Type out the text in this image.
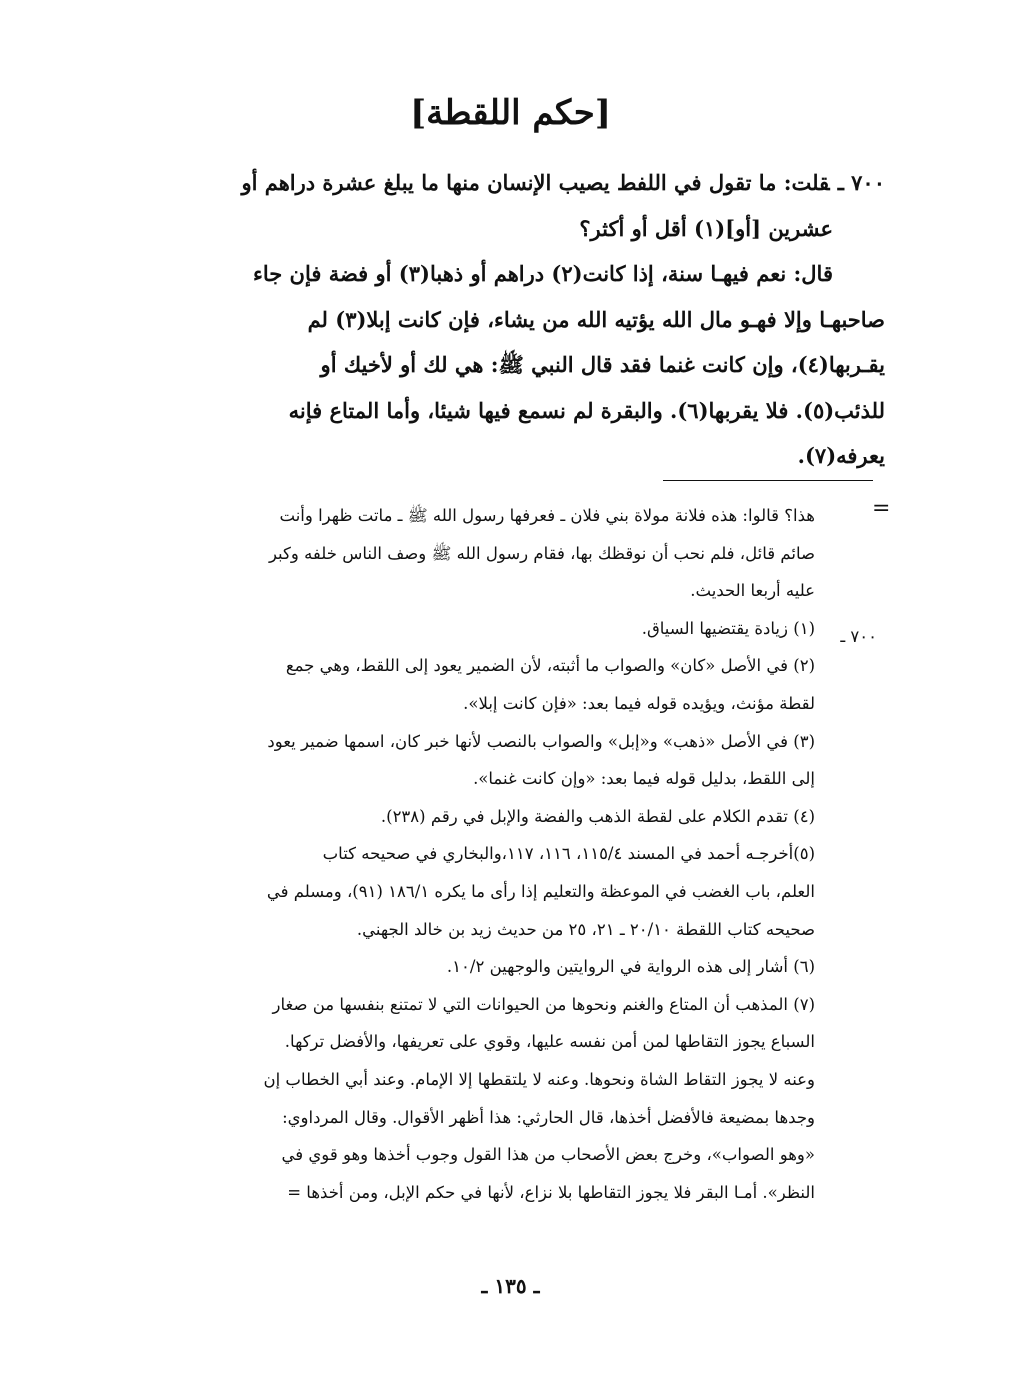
[حكم اللقطة]

٧٠٠ ـقلت: ما تقول في اللفط يصيب الإنسان منها ما يبلغ عشرة دراهم أو

عشرين [أو](١) أقل أو أكثر؟

قال: نعم فيهـا سنة، إذا كانت(٢) دراهم أو ذهبا(٣) أو فضة فإن جاء

صاحبهـا وإلا فهـو مال الله يؤتيه الله من يشاء، فإن كانت إبلا(٣) لم

يقـربها(٤)، وإن كانت غنما فقد قال النبي ﷺ: هي لك أو لأخيك أو

للذئب(٥). فلا يقربها(٦). والبقرة لم نسمع فيها شيئا، وأما المتاع فإنه

يعرفه(٧).

=
٧٠٠ ـ

هذا؟ قالوا: هذه فلانة مولاة بني فلان ـ فعرفها رسول الله ﷺ ـ ماتت ظهرا وأنت

صائم قائل، فلم نحب أن نوقظك بها، فقام رسول الله ﷺ وصف الناس خلفه وكبر

عليه أربعا الحديث.

(١) زيادة يقتضيها السياق.

(٢) في الأصل «كان» والصواب ما أثبته، لأن الضمير يعود إلى اللقط، وهي جمع

لقطة مؤنث، ويؤيده قوله فيما بعد: «فإن كانت إبلا».

(٣) في الأصل «ذهب» و«إبل» والصواب بالنصب لأنها خبر كان، اسمها ضمير يعود

إلى اللقط، بدليل قوله فيما بعد: «وإن كانت غنما».

(٤) تقدم الكلام على لقطة الذهب والفضة والإبل في رقم (٢٣٨).

(٥)أخرجـه أحمد في المسند ١١٥/٤، ١١٦، ١١٧،والبخاري في صحيحه كتاب

العلم، باب الغضب في الموعظة والتعليم إذا رأى ما يكره ١٨٦/١ (٩١)، ومسلم في

صحيحه كتاب اللقطة ٢٠/١٠ ـ ٢١، ٢٥ من حديث زيد بن خالد الجهني.

(٦) أشار إلى هذه الرواية في الروايتين والوجهين ١٠/٢.

(٧) المذهب أن المتاع والغنم ونحوها من الحيوانات التي لا تمتنع بنفسها من صغار

السباع يجوز التقاطها لمن أمن نفسه عليها، وقوي على تعريفها، والأفضل تركها.

وعنه لا يجوز التقاط الشاة ونحوها. وعنه لا يلتقطها إلا الإمام. وعند أبي الخطاب إن

وجدها بمضيعة فالأفضل أخذها، قال الحارثي: هذا أظهر الأقوال. وقال المرداوي:

«وهو الصواب»، وخرج بعض الأصحاب من هذا القول وجوب أخذها وهو قوي في

النظر». أمـا البقر فلا يجوز التقاطها بلا نزاع، لأنها في حكم الإبل، ومن أخذها =

ـ ١٣٥ ـ
